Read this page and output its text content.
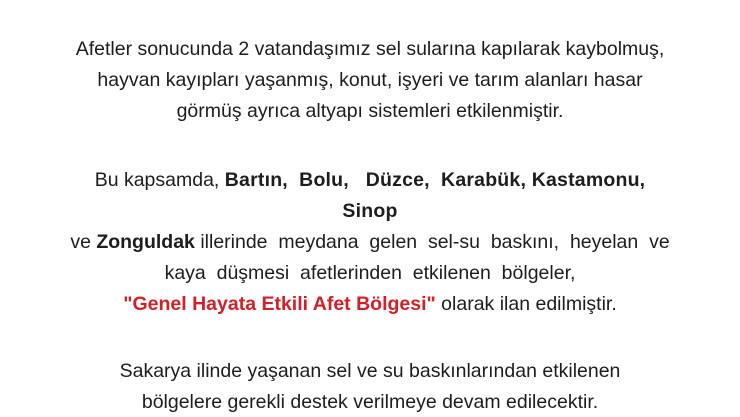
Afetler sonucunda 2 vatandaşımız sel sularına kapılarak kaybolmuş,
hayvan kayıpları yaşanmış, konut, işyeri ve tarım alanları hasar
görmüş ayrıca altyapı sistemleri etkilenmiştir.
Bu kapsamda, Bartın,  Bolu,   Düzce,  Karabük, Kastamonu,  Sinop
ve Zonguldak illerinde  meydana  gelen  sel-su  baskını,  heyelan  ve
kaya  düşmesi  afetlerinden  etkilenen  bölgeler,
"Genel Hayata Etkili Afet Bölgesi" olarak ilan edilmiştir.
Sakarya ilinde yaşanan sel ve su baskınlarından etkilenen
bölgelere gerekli destek verilmeye devam edilecektir.
